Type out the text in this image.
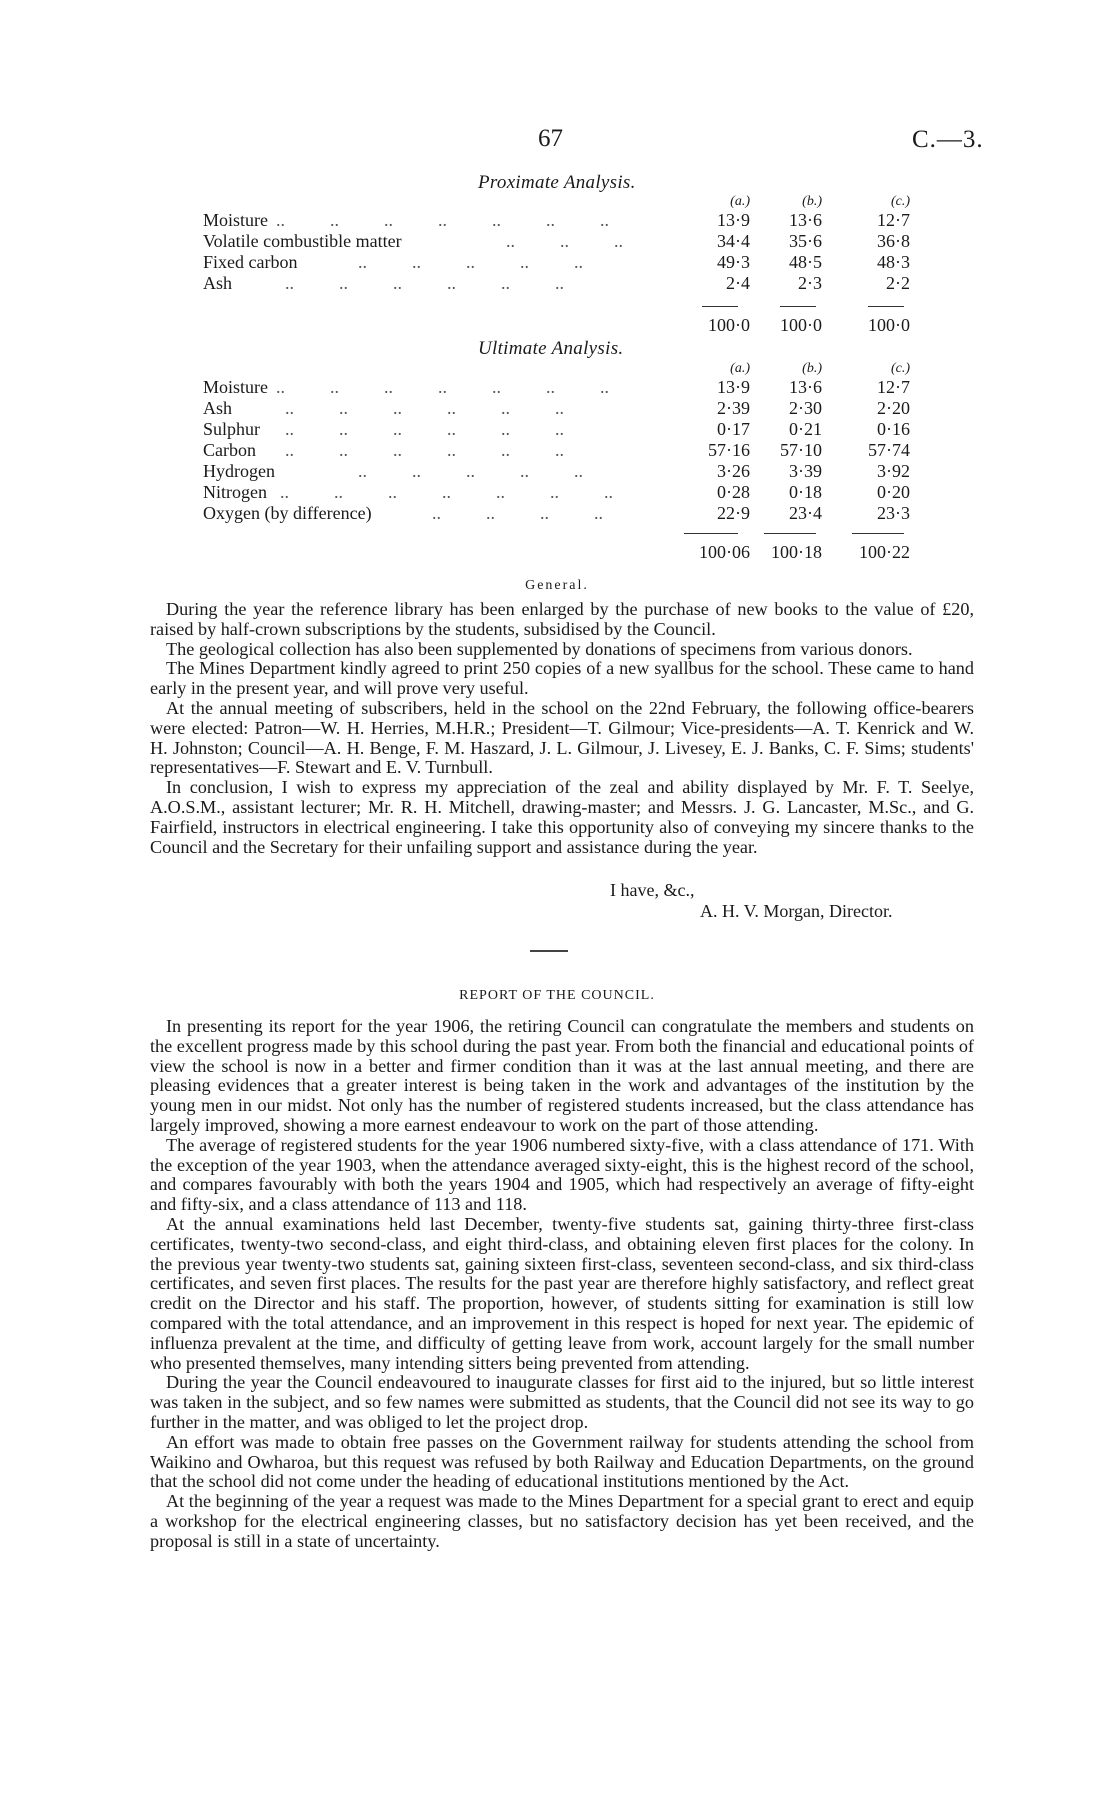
67	C.—3.
Proximate Analysis.
(a.)	(b.)	(c.)
Moisture ..          ..          ..          ..          ..          ..          ..	13·9	13·6	12·7
Volatile combustible matter	..          ..          ..	34·4	35·6	36·8
Fixed carbon	..          ..          ..          ..          ..	49·3	48·5	48·3
Ash	..          ..          ..          ..          ..          ..	2·4	2·3	2·2
100·0	100·0	100·0
Ultimate Analysis.
(a.)	(b.)	(c.)
Moisture ..          ..          ..          ..          ..          ..          ..	13·9	13·6	12·7
Ash	..          ..          ..          ..          ..          ..	2·39	2·30	2·20
Sulphur ..          ..          ..          ..          ..          ..	0·17	0·21	0·16
Carbon ..          ..          ..          ..          ..          ..	57·16	57·10	57·74
Hydrogen	..          ..          ..          ..          ..	3·26	3·39	3·92
Nitrogen ..          ..          ..          ..          ..          ..          ..	0·28	0·18	0·20
Oxygen (by difference)	..          ..          ..          ..	22·9	23·4	23·3
100·06	100·18	100·22
General.

During the year the reference library has been enlarged by the purchase of new books to the value of £20, raised by half-crown subscriptions by the students, subsidised by the Council.

The geological collection has also been supplemented by donations of specimens from various donors.

The Mines Department kindly agreed to print 250 copies of a new syallbus for the school. These came to hand early in the present year, and will prove very useful.

At the annual meeting of subscribers, held in the school on the 22nd February, the following office-bearers were elected: Patron—W. H. Herries, M.H.R.; President—T. Gilmour; Vice-presidents—A. T. Kenrick and W. H. Johnston; Council—A. H. Benge, F. M. Haszard, J. L. Gilmour, J. Livesey, E. J. Banks, C. F. Sims; students' representatives—F. Stewart and E. V. Turnbull.

In conclusion, I wish to express my appreciation of the zeal and ability displayed by Mr. F. T. Seelye, A.O.S.M., assistant lecturer; Mr. R. H. Mitchell, drawing-master; and Messrs. J. G. Lancaster, M.Sc., and G. Fairfield, instructors in electrical engineering. I take this opportunity also of conveying my sincere thanks to the Council and the Secretary for their unfailing support and assistance during the year.

I have, &c.,
A. H. V. Morgan, Director.
REPORT OF THE COUNCIL.

In presenting its report for the year 1906, the retiring Council can congratulate the members and students on the excellent progress made by this school during the past year. From both the financial and educational points of view the school is now in a better and firmer condition than it was at the last annual meeting, and there are pleasing evidences that a greater interest is being taken in the work and advantages of the institution by the young men in our midst. Not only has the number of registered students increased, but the class attendance has largely improved, showing a more earnest endeavour to work on the part of those attending.

The average of registered students for the year 1906 numbered sixty-five, with a class attendance of 171. With the exception of the year 1903, when the attendance averaged sixty-eight, this is the highest record of the school, and compares favourably with both the years 1904 and 1905, which had respectively an average of fifty-eight and fifty-six, and a class attendance of 113 and 118.

At the annual examinations held last December, twenty-five students sat, gaining thirty-three first-class certificates, twenty-two second-class, and eight third-class, and obtaining eleven first places for the colony. In the previous year twenty-two students sat, gaining sixteen first-class, seventeen second-class, and six third-class certificates, and seven first places. The results for the past year are therefore highly satisfactory, and reflect great credit on the Director and his staff. The proportion, however, of students sitting for examination is still low compared with the total attendance, and an improvement in this respect is hoped for next year. The epidemic of influenza prevalent at the time, and difficulty of getting leave from work, account largely for the small number who presented themselves, many intending sitters being prevented from attending.

During the year the Council endeavoured to inaugurate classes for first aid to the injured, but so little interest was taken in the subject, and so few names were submitted as students, that the Council did not see its way to go further in the matter, and was obliged to let the project drop.

An effort was made to obtain free passes on the Government railway for students attending the school from Waikino and Owharoa, but this request was refused by both Railway and Education Departments, on the ground that the school did not come under the heading of educational institutions mentioned by the Act.

At the beginning of the year a request was made to the Mines Department for a special grant to erect and equip a workshop for the electrical engineering classes, but no satisfactory decision has yet been received, and the proposal is still in a state of uncertainty.
